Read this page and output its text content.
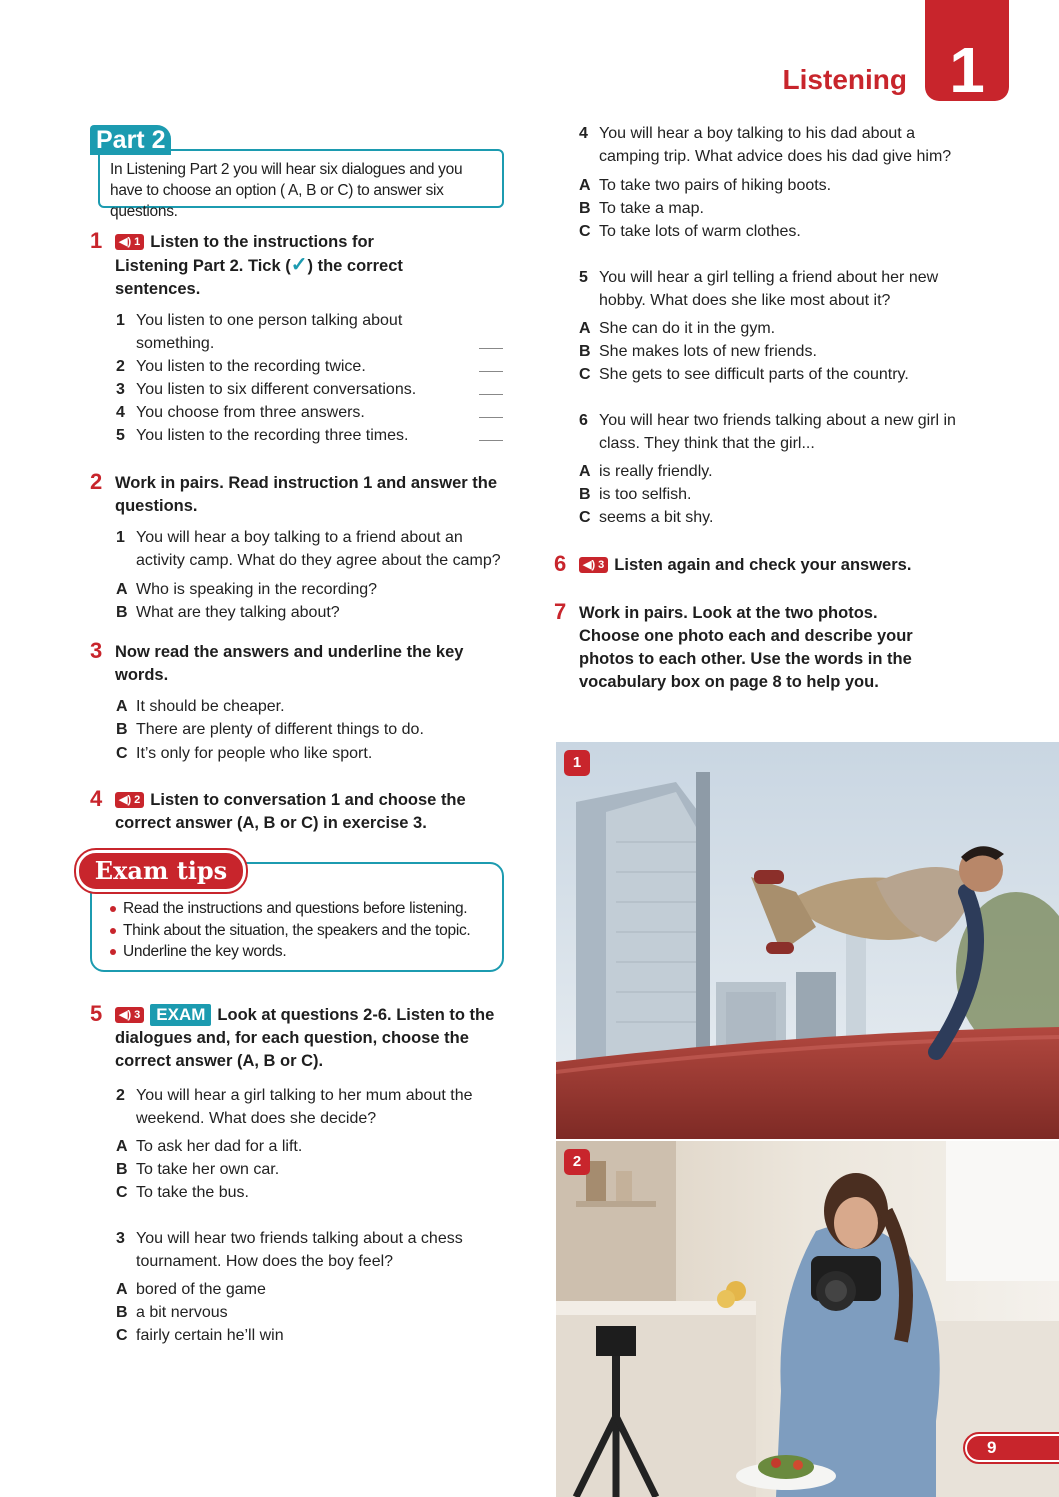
Listening 1
Part 2
In Listening Part 2 you will hear six dialogues and you have to choose an option ( A, B or C) to answer six questions.
1	◀) 1 Listen to the instructions for Listening Part 2. Tick (✓) the correct sentences.
1 You listen to one person talking about something.
2 You listen to the recording twice.
3 You listen to six different conversations.
4 You choose from three answers.
5 You listen to the recording three times.
2 Work in pairs. Read instruction 1 and answer the questions.
1 You will hear a boy talking to a friend about an activity camp. What do they agree about the camp?
A Who is speaking in the recording?
B What are they talking about?
3 Now read the answers and underline the key words.
A It should be cheaper.
B There are plenty of different things to do.
C It’s only for people who like sport.
4	◀) 2 Listen to conversation 1 and choose the correct answer (A, B or C) in exercise 3.
Exam tips
Read the instructions and questions before listening.
Think about the situation, the speakers and the topic.
Underline the key words.
5	◀) 3 EXAM Look at questions 2-6. Listen to the dialogues and, for each question, choose the correct answer (A, B or C).
2 You will hear a girl talking to her mum about the weekend. What does she decide?
A To ask her dad for a lift.
B To take her own car.
C To take the bus.
3 You will hear two friends talking about a chess tournament. How does the boy feel?
A bored of the game
B a bit nervous
C fairly certain he’ll win
4 You will hear a boy talking to his dad about a camping trip. What advice does his dad give him?
A To take two pairs of hiking boots.
B To take a map.
C To take lots of warm clothes.
5 You will hear a girl telling a friend about her new hobby. What does she like most about it?
A She can do it in the gym.
B She makes lots of new friends.
C She gets to see difficult parts of the country.
6 You will hear two friends talking about a new girl in class. They think that the girl...
A is really friendly.
B is too selfish.
C seems a bit shy.
6	◀) 3 Listen again and check your answers.
7 Work in pairs. Look at the two photos. Choose one photo each and describe your photos to each other. Use the words in the vocabulary box on page 8 to help you.
1
2
9
